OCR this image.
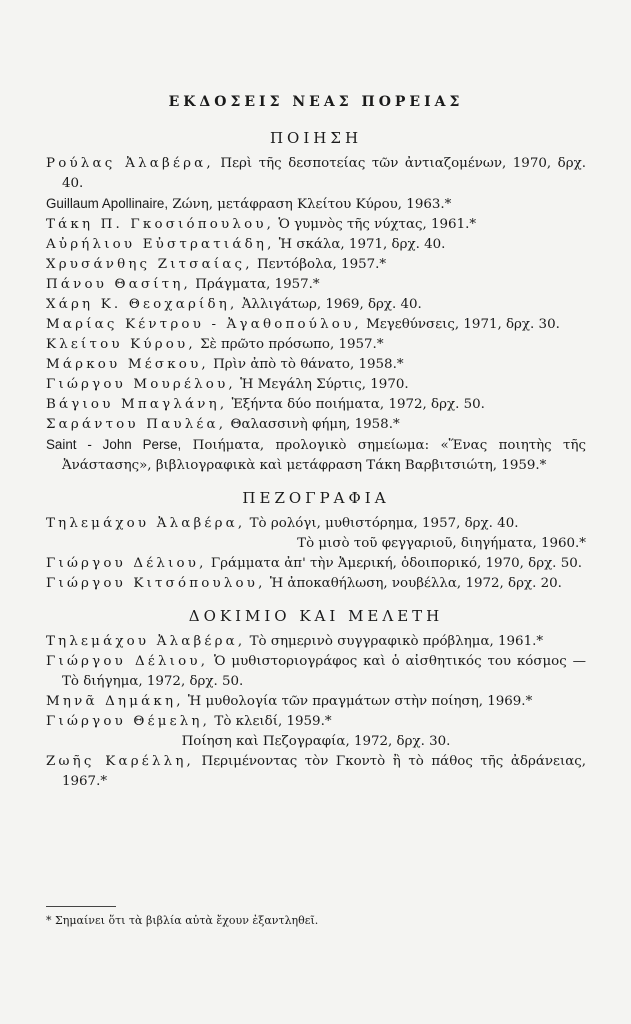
ΕΚΔΟΣΕΙΣ ΝΕΑΣ ΠΟΡΕΙΑΣ
ΠΟΙΗΣΗ

Ρούλας Ἀλαβέρα, Περὶ τῆς δεσποτείας τῶν ἀντιαζομένων, 1970, δρχ. 40.

Guillaum Apollinaire, Ζώνη, μετάφραση Κλείτου Κύρου, 1963.*

Τάκη Π. Γκοσιόπουλου, Ὁ γυμνὸς τῆς νύχτας, 1961.*

Αὐρήλιου Εὐστρατιάδη, Ἡ σκάλα, 1971, δρχ. 40.

Χρυσάνθης Ζιτσαίας, Πεντόβολα, 1957.*

Πάνου Θασίτη, Πράγματα, 1957.*

Χάρη Κ. Θεοχαρίδη, Ἀλλιγάτωρ, 1969, δρχ. 40.

Μαρίας Κέντρου - Ἀγαθοπούλου, Μεγεθύνσεις, 1971, δρχ. 30.

Κλείτου Κύρου, Σὲ πρῶτο πρόσωπο, 1957.*

Μάρκου Μέσκου, Πρὶν ἀπὸ τὸ θάνατο, 1958.*

Γιώργου Μουρέλου, Ἡ Μεγάλη Σύρτις, 1970.

Βάγιου Μπαγλάνη, Ἑξήντα δύο ποιήματα, 1972, δρχ. 50.

Σαράντου Παυλέα, Θαλασσινὴ φήμη, 1958.*

Saint - John Perse, Ποιήματα, προλογικὸ σημείωμα: «Ἕνας ποιητὴς τῆς Ἀνάστασης», βιβλιογραφικὰ καὶ μετάφραση Τάκη Βαρβιτσιώτη, 1959.*

ΠΕΖΟΓΡΑΦΙΑ

Τηλεμάχου Ἀλαβέρα, Τὸ ρολόγι, μυθιστόρημα, 1957, δρχ. 40.

Τὸ μισὸ τοῦ φεγγαριοῦ, διηγήματα, 1960.*

Γιώργου Δέλιου, Γράμματα ἀπ' τὴν Ἀμερική, ὁδοιπορικό, 1970, δρχ. 50.

Γιώργου Κιτσόπουλου, Ἡ ἀποκαθήλωση, νουβέλλα, 1972, δρχ. 20.

ΔΟΚΙΜΙΟ ΚΑΙ ΜΕΛΕΤΗ

Τηλεμάχου Ἀλαβέρα, Τὸ σημερινὸ συγγραφικὸ πρόβλημα, 1961.*

Γιώργου Δέλιου, Ὁ μυθιστοριογράφος καὶ ὁ αἰσθητικός του κόσμος — Τὸ διήγημα, 1972, δρχ. 50.

Μηνᾶ Δημάκη, Ἡ μυθολογία τῶν πραγμάτων στὴν ποίηση, 1969.*

Γιώργου Θέμελη, Τὸ κλειδί, 1959.*

Ποίηση καὶ Πεζογραφία, 1972, δρχ. 30.

Ζωῆς Καρέλλη, Περιμένοντας τὸν Γκοντὸ ἢ τὸ πάθος τῆς ἀδράνειας, 1967.*

* Σημαίνει ὅτι τὰ βιβλία αὐτὰ ἔχουν ἐξαντληθεῖ.
